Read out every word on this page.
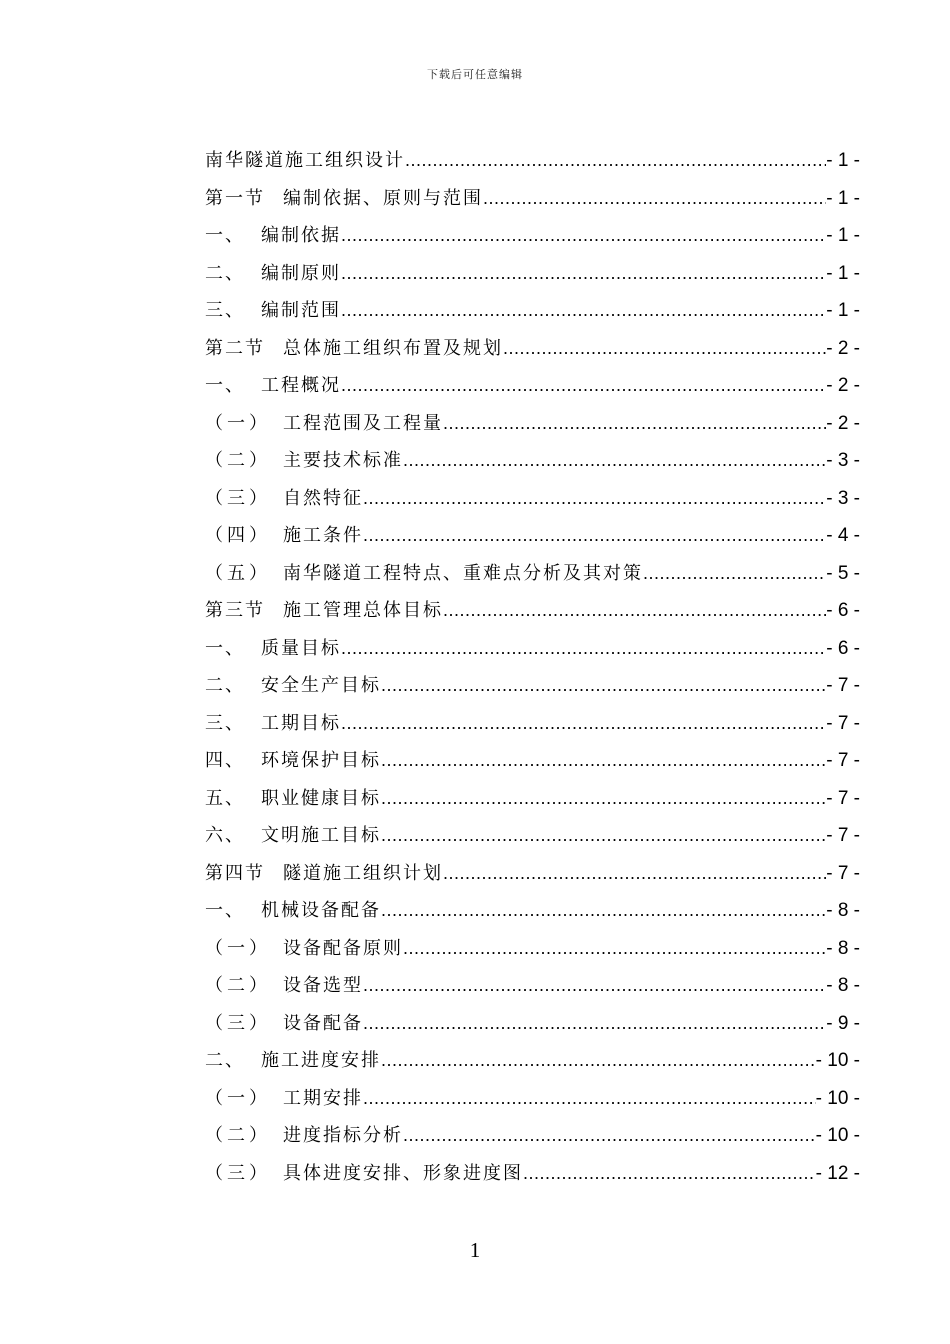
下载后可任意编辑
南华隧道施工组织设计 .....	- 1 -
第一节 编制依据、原则与范围 .....	- 1 -
一、 编制依据 .....	- 1 -
二、 编制原则 .....	- 1 -
三、 编制范围 .....	- 1 -
第二节 总体施工组织布置及规划 .....	- 2 -
一、 工程概况 .....	- 2 -
（一） 工程范围及工程量 .....	- 2 -
（二） 主要技术标准 .....	- 3 -
（三） 自然特征 .....	- 3 -
（四） 施工条件 .....	- 4 -
（五） 南华隧道工程特点、重难点分析及其对策 .....	- 5 -
第三节 施工管理总体目标 .....	- 6 -
一、 质量目标 .....	- 6 -
二、 安全生产目标 .....	- 7 -
三、 工期目标 .....	- 7 -
四、 环境保护目标 .....	- 7 -
五、 职业健康目标 .....	- 7 -
六、 文明施工目标 .....	- 7 -
第四节 隧道施工组织计划 .....	- 7 -
一、 机械设备配备 .....	- 8 -
（一） 设备配备原则 .....	- 8 -
（二） 设备选型 .....	- 8 -
（三） 设备配备 .....	- 9 -
二、 施工进度安排 .....	- 10 -
（一） 工期安排 .....	- 10 -
（二） 进度指标分析 .....	- 10 -
（三） 具体进度安排、形象进度图 .....	- 12 -
1
